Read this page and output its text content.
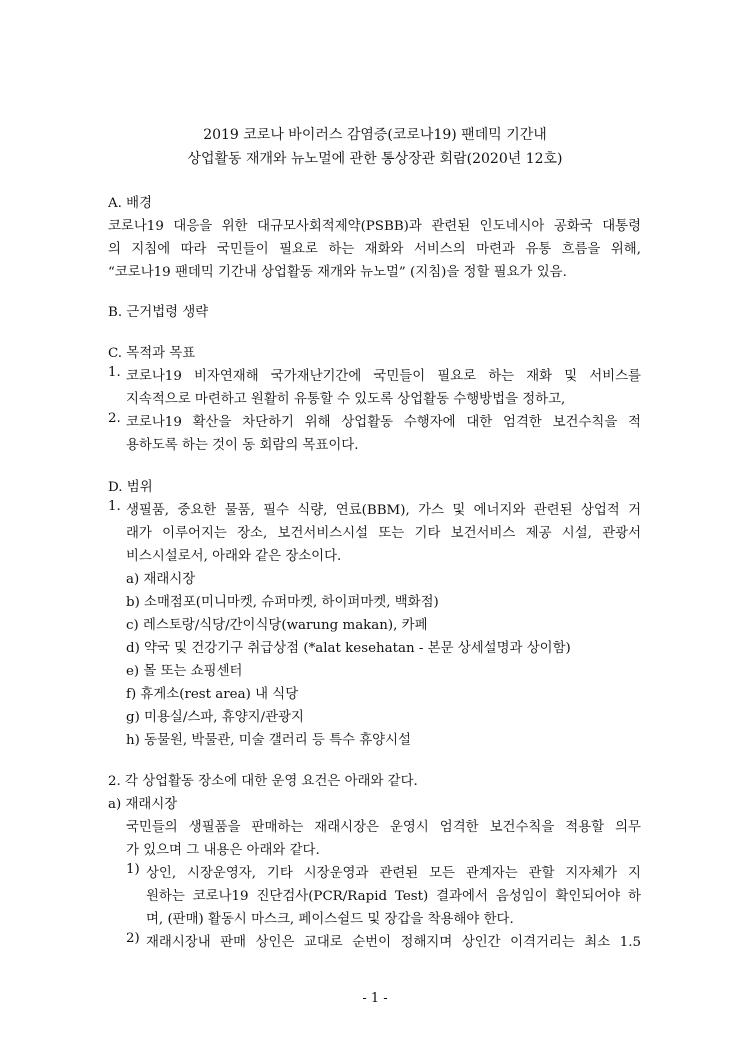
2019 코로나 바이러스 감염증(코로나19) 팬데믹 기간내
상업활동 재개와 뉴노멀에 관한 통상장관 회람(2020년 12호)
A. 배경
코로나19 대응을 위한 대규모사회적제약(PSBB)과 관련된 인도네시아 공화국 대통령
의 지침에 따라 국민들이 필요로 하는 재화와 서비스의 마련과 유통 흐름을 위해,
“코로나19 팬데믹 기간내 상업활동 재개와 뉴노멀” (지침)을 정할 필요가 있음.
B. 근거법령 생략
C. 목적과 목표
1. 코로나19 비자연재해 국가재난기간에 국민들이 필요로 하는 재화 및 서비스를
지속적으로 마련하고 원활히 유통할 수 있도록 상업활동 수행방법을 정하고,
2. 코로나19 확산을 차단하기 위해 상업활동 수행자에 대한 엄격한 보건수칙을 적
용하도록 하는 것이 동 회람의 목표이다.
D. 범위
1. 생필품, 중요한 물품, 필수 식량, 연료(BBM), 가스 및 에너지와 관련된 상업적 거
래가 이루어지는 장소, 보건서비스시설 또는 기타 보건서비스 제공 시설, 관광서
비스시설로서, 아래와 같은 장소이다.
a) 재래시장
b) 소매점포(미니마켓, 슈퍼마켓, 하이퍼마켓, 백화점)
c) 레스토랑/식당/간이식당(warung makan), 카페
d) 약국 및 건강기구 취급상점 (*alat kesehatan - 본문 상세설명과 상이함)
e) 몰 또는 쇼핑센터
f) 휴게소(rest area) 내 식당
g) 미용실/스파, 휴양지/관광지
h) 동물원, 박물관, 미술 갤러리 등 특수 휴양시설
2. 각 상업활동 장소에 대한 운영 요건은 아래와 같다.
a) 재래시장
국민들의 생필품을 판매하는 재래시장은 운영시 엄격한 보건수칙을 적용할 의무
가 있으며 그 내용은 아래와 같다.
1) 상인, 시장운영자, 기타 시장운영과 관련된 모든 관계자는 관할 지자체가 지
원하는 코로나19 진단검사(PCR/Rapid Test) 결과에서 음성임이 확인되어야 하
며, (판매) 활동시 마스크, 페이스쉴드 및 장갑을 착용해야 한다.
2) 재래시장내 판매 상인은 교대로 순번이 정해지며 상인간 이격거리는 최소 1.5
- 1 -
